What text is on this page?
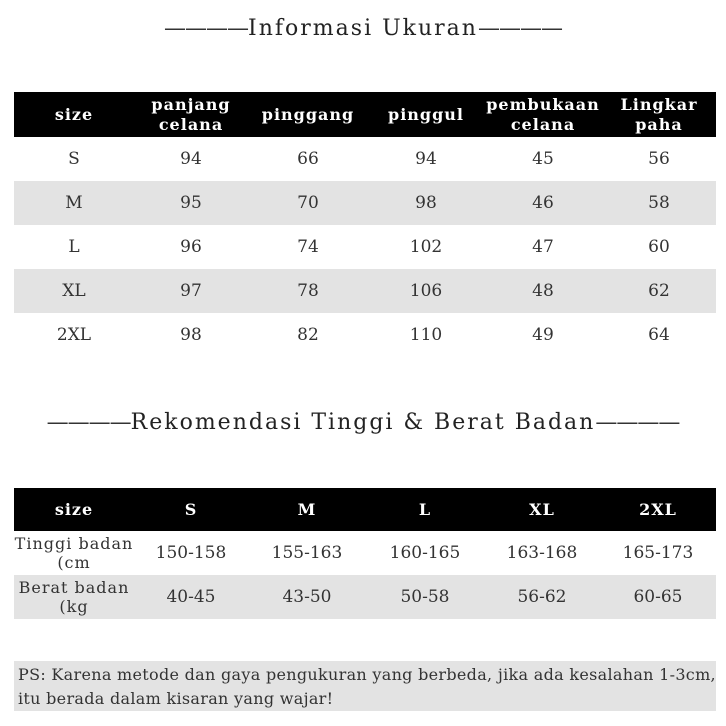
————Informasi Ukuran————
size	panjang celana	pinggang	pinggul	pembukaan celana	Lingkar paha
S	94	66	94	45	56
M	95	70	98	46	58
L	96	74	102	47	60
XL	97	78	106	48	62
2XL	98	82	110	49	64
————Rekomendasi Tinggi & Berat Badan————
size	S	M	L	XL	2XL
Tinggi badan (cm	150-158	155-163	160-165	163-168	165-173
Berat badan (kg	40-45	43-50	50-58	56-62	60-65
PS: Karena metode dan gaya pengukuran yang berbeda, jika ada kesalahan 1-3cm, itu berada dalam kisaran yang wajar!
